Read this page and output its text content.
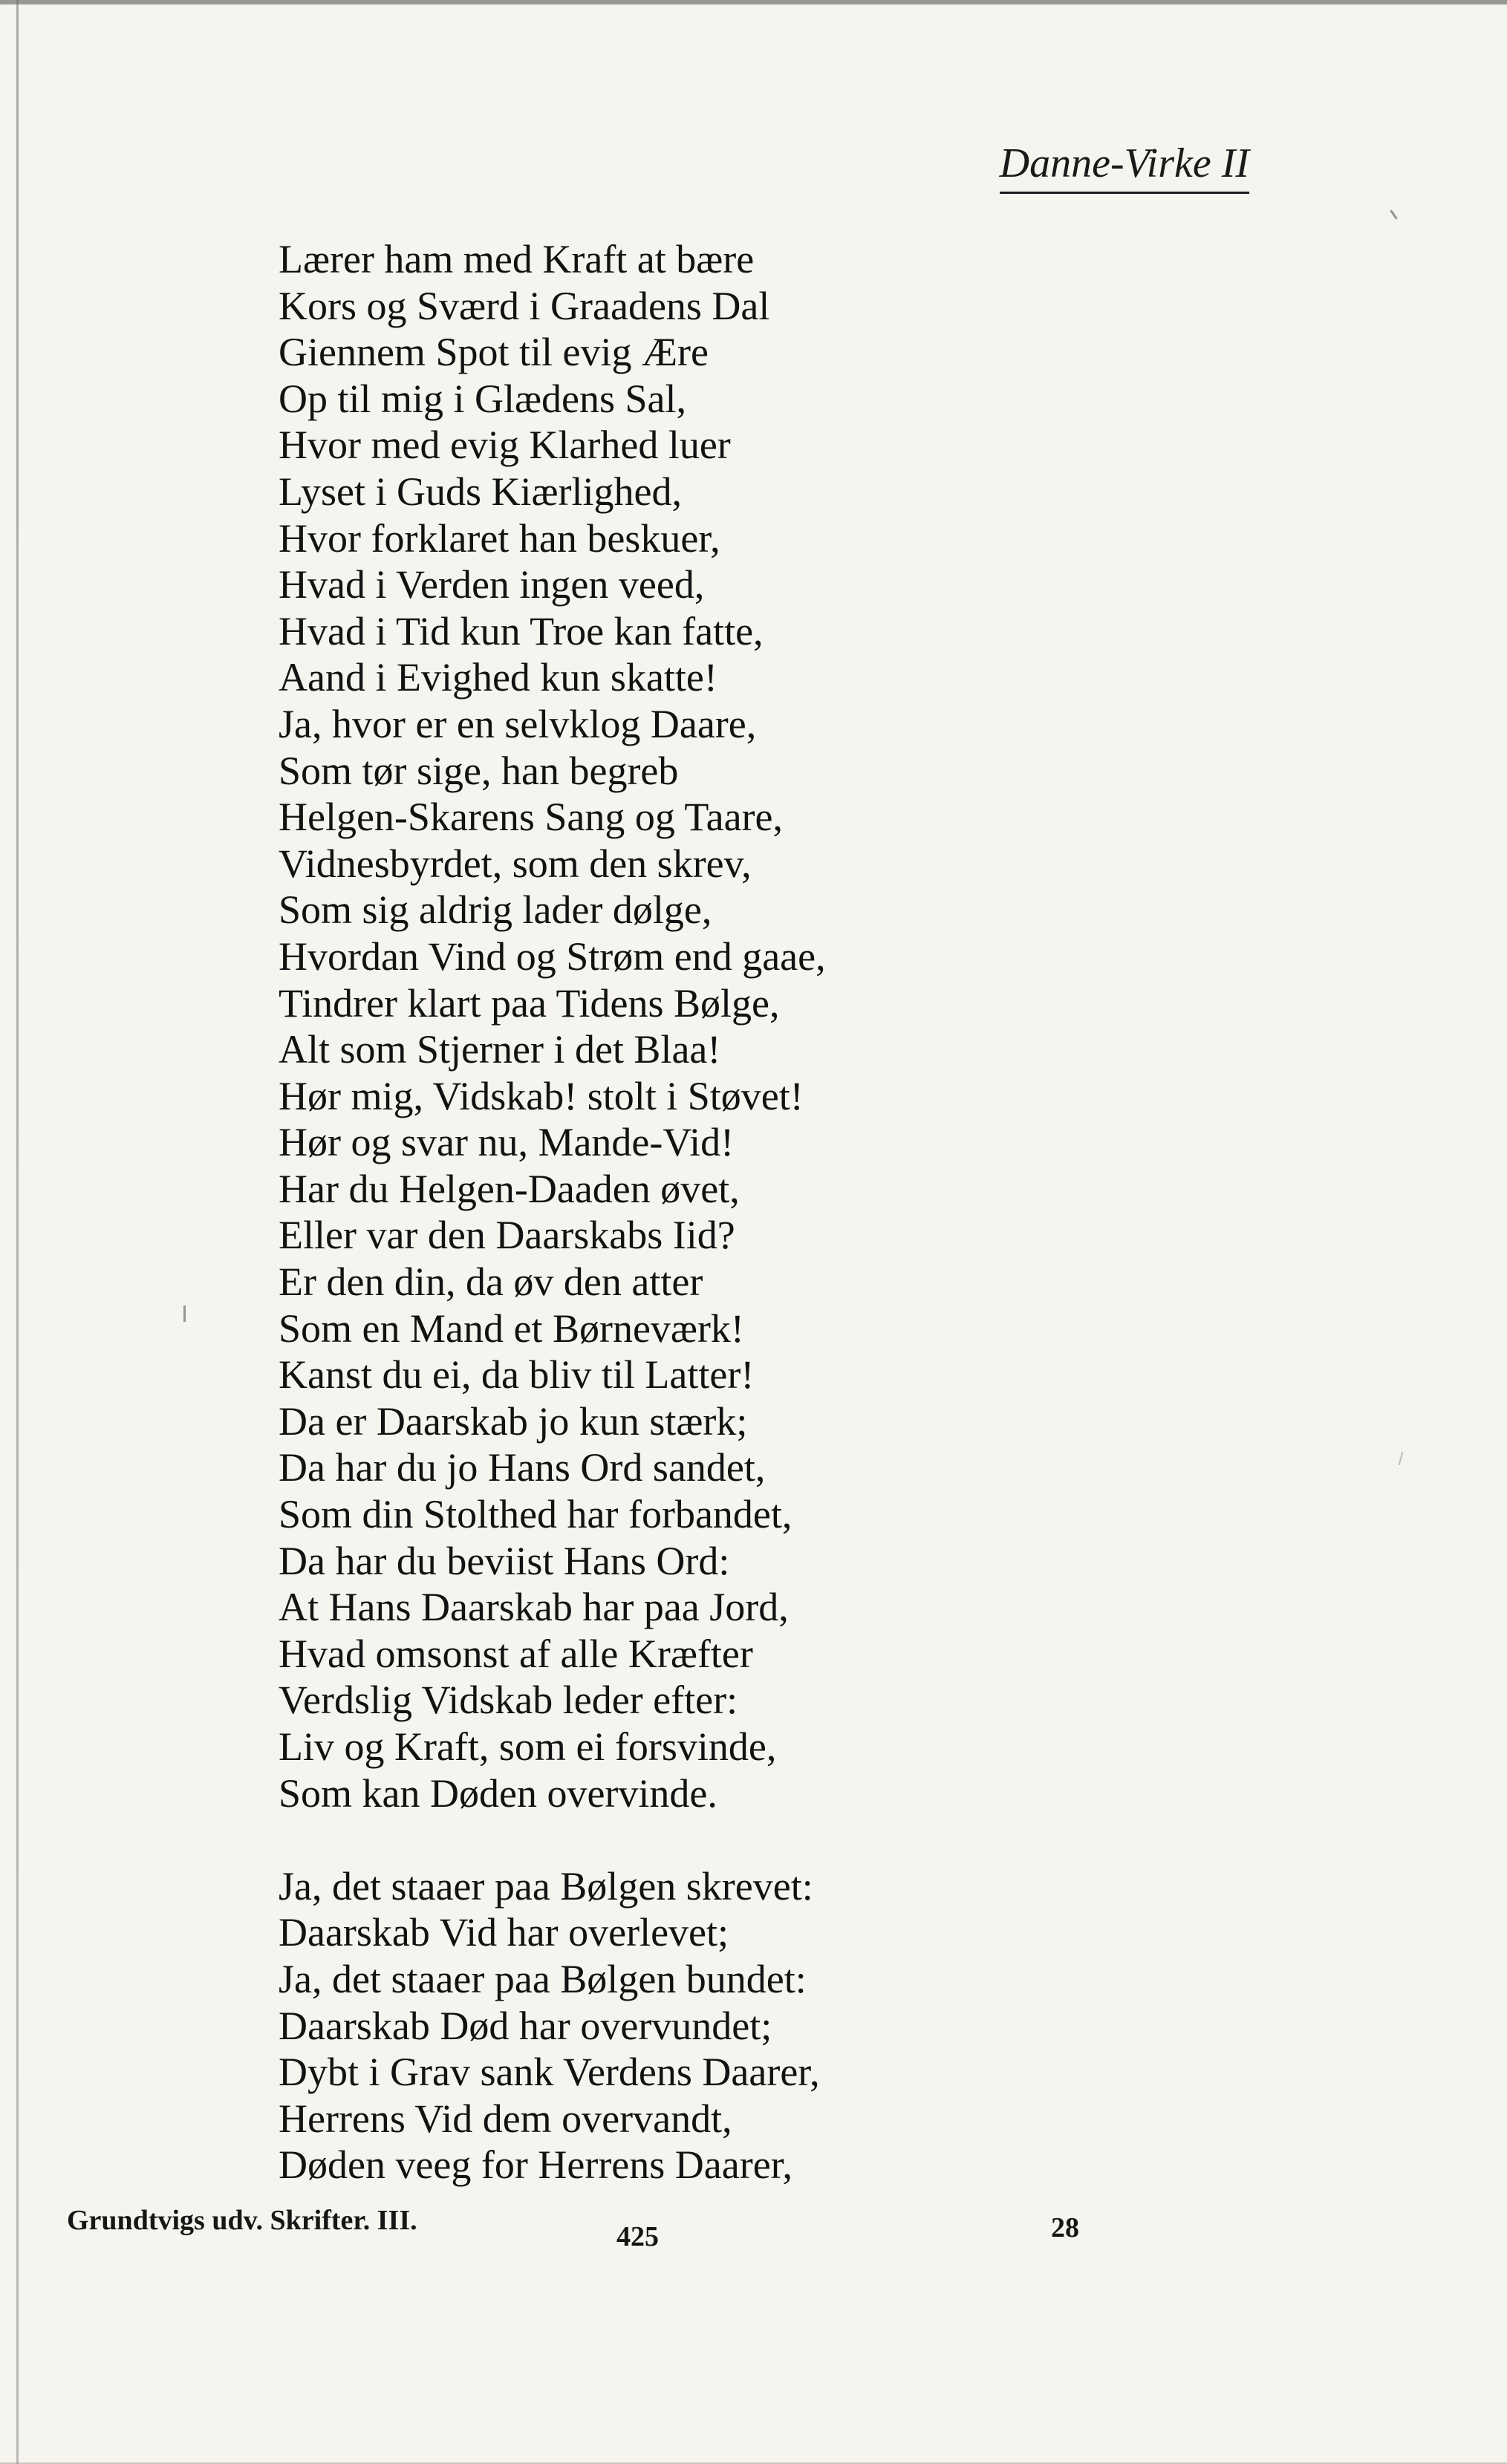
Danne-Virke II
Lærer ham med Kraft at bære
Kors og Sværd i Graadens Dal
Giennem Spot til evig Ære
Op til mig i Glædens Sal,
Hvor med evig Klarhed luer
Lyset i Guds Kiærlighed,
Hvor forklaret han beskuer,
Hvad i Verden ingen veed,
Hvad i Tid kun Troe kan fatte,
Aand i Evighed kun skatte!
Ja, hvor er en selvklog Daare,
Som tør sige, han begreb
Helgen-Skarens Sang og Taare,
Vidnesbyrdet, som den skrev,
Som sig aldrig lader dølge,
Hvordan Vind og Strøm end gaae,
Tindrer klart paa Tidens Bølge,
Alt som Stjerner i det Blaa!
Hør mig, Vidskab! stolt i Støvet!
Hør og svar nu, Mande-Vid!
Har du Helgen-Daaden øvet,
Eller var den Daarskabs Iid?
Er den din, da øv den atter
Som en Mand et Børneværk!
Kanst du ei, da bliv til Latter!
Da er Daarskab jo kun stærk;
Da har du jo Hans Ord sandet,
Som din Stolthed har forbandet,
Da har du beviist Hans Ord:
At Hans Daarskab har paa Jord,
Hvad omsonst af alle Kræfter
Verdslig Vidskab leder efter:
Liv og Kraft, som ei forsvinde,
Som kan Døden overvinde.
Ja, det staaer paa Bølgen skrevet:
Daarskab Vid har overlevet;
Ja, det staaer paa Bølgen bundet:
Daarskab Død har overvundet;
Dybt i Grav sank Verdens Daarer,
Herrens Vid dem overvandt,
Døden veeg for Herrens Daarer,
Grundtvigs udv. Skrifter. III.
425	28
